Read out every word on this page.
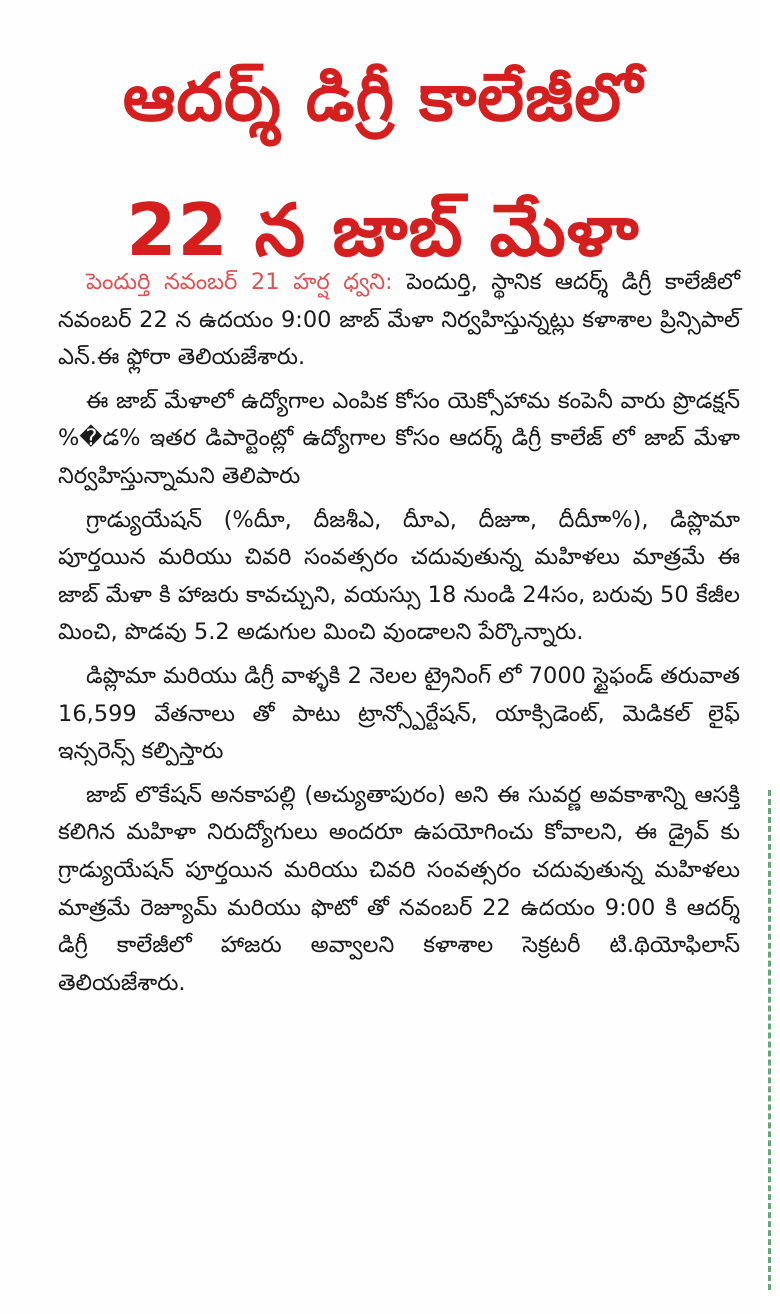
ఆదర్శ్ డిగ్రీ కాలేజీలో
22 న జాబ్ మేళా

పెందుర్తి నవంబర్ 21 హర్ష ధ్వని: పెందుర్తి, స్థానిక ఆదర్శ్ డిగ్రీ కాలేజీలో నవంబర్ 22 న ఉదయం 9:00 జాబ్ మేళా నిర్వహిస్తున్నట్లు కళాశాల ప్రిన్సిపాల్ ఎన్.ఈ ఫ్లోరా తెలియజేశారు.

ఈ జాబ్ మేళాలో ఉద్యోగాల ఎంపిక కోసం యెక్సోహామ కంపెనీ వారు ప్రొడక్షన్ %�డ% ఇతర డిపార్టెంట్లో ఉద్యోగాల కోసం ఆదర్శ్ డిగ్రీ కాలేజ్ లో జాబ్ మేళా నిర్వహిస్తున్నామని తెలిపారు

గ్రాడ్యుయేషన్ (%దీూ, దీజశీఎ, దీూఎ, దీజూా, దీదీూా%), డిప్లొమా పూర్తయిన మరియు చివరి సంవత్సరం చదువుతున్న మహిళలు మాత్రమే ఈ జాబ్ మేళా కి హాజరు కావచ్చుని, వయస్సు 18 నుండి 24సం, బరువు 50 కేజీల మించి, పొడవు 5.2 అడుగుల మించి వుండాలని పేర్కొన్నారు.

డిప్లొమా మరియు డిగ్రీ వాళ్ళకి 2 నెలల ట్రైనింగ్ లో 7000 స్టైఫండ్ తరువాత 16,599 వేతనాలు తో పాటు ట్రాన్స్పోర్టేషన్, యాక్సిడెంట్, మెడికల్ లైఫ్ ఇన్సరెన్స్ కల్పిస్తారు

జాబ్ లొకేషన్ అనకాపల్లి (అచ్యుతాపురం) అని ఈ సువర్ణ అవకాశాన్ని ఆసక్తి కలిగిన మహిళా నిరుద్యోగులు అందరూ ఉపయోగించు కోవాలని, ఈ డ్రైవ్ కు గ్రాడ్యుయేషన్ పూర్తయిన మరియు చివరి సంవత్సరం చదువుతున్న మహిళలు మాత్రమే రెజ్యూమ్ మరియు ఫొటో తో నవంబర్ 22 ఉదయం 9:00 కి ఆదర్శ్ డిగ్రీ కాలేజీలో హాజరు అవ్వాలని కళాశాల సెక్రటరీ టి.థియోఫిలాస్ తెలియజేశారు.
